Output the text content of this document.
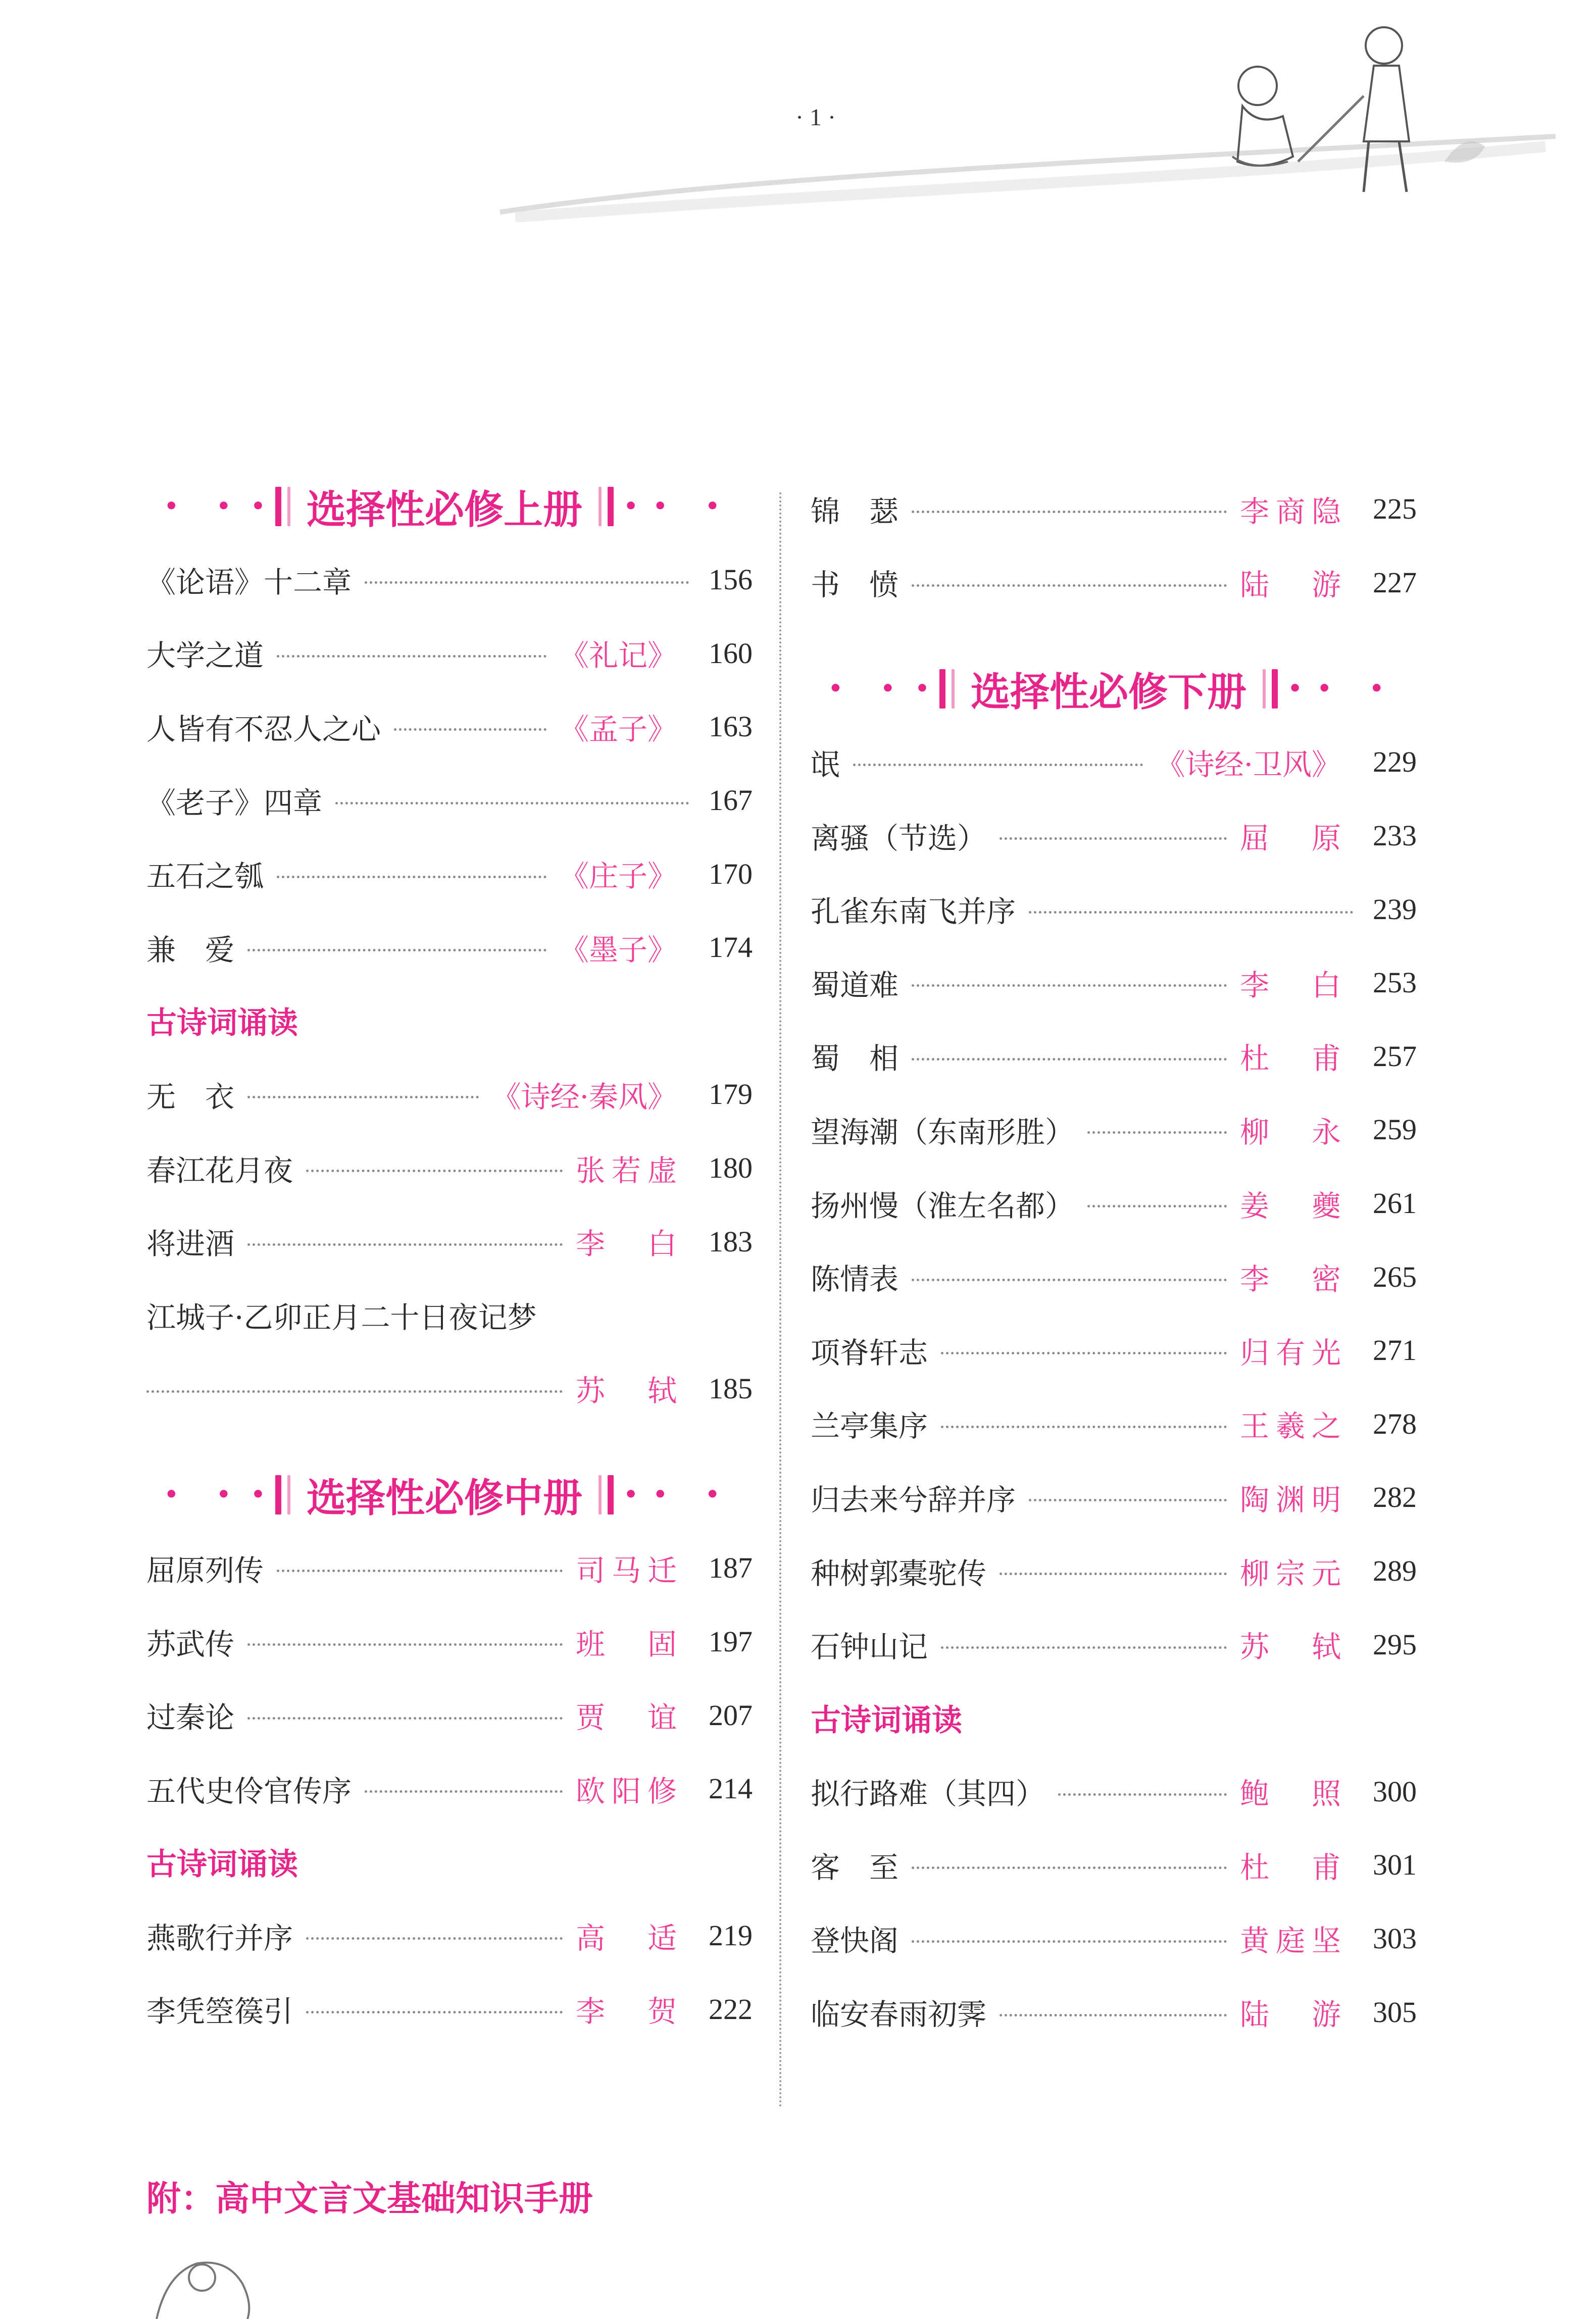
· 1 ·
• • • 选择性必修上册 • • •
《论语》十二章	156
大学之道	《礼记》 160
人皆有不忍人之心	《孟子》 163
《老子》四章	167
五石之瓠	《庄子》 170
兼　爱	《墨子》 174
古诗词诵读
无　衣	《诗经·秦风》 179
春江花月夜	张若虚 180
将进酒	李白 183
江城子·乙卯正月二十日夜记梦
苏轼 185
• • • 选择性必修中册 • • •
屈原列传	司马迁 187
苏武传	班固 197
过秦论	贾谊 207
五代史伶官传序	欧阳修 214
古诗词诵读
燕歌行并序	高适 219
李凭箜篌引	李贺 222
锦　瑟	李商隐 225
书　愤	陆游 227
• • • 选择性必修下册 • • •
氓	《诗经·卫风》 229
离骚（节选）	屈原 233
孔雀东南飞并序	239
蜀道难	李白 253
蜀　相	杜甫 257
望海潮（东南形胜）	柳永 259
扬州慢（淮左名都）	姜夔 261
陈情表	李密 265
项脊轩志	归有光 271
兰亭集序	王羲之 278
归去来兮辞并序	陶渊明 282
种树郭橐驼传	柳宗元 289
石钟山记	苏轼 295
古诗词诵读
拟行路难（其四）	鲍照 300
客　至	杜甫 301
登快阁	黄庭坚 303
临安春雨初霁	陆游 305
附：高中文言文基础知识手册
